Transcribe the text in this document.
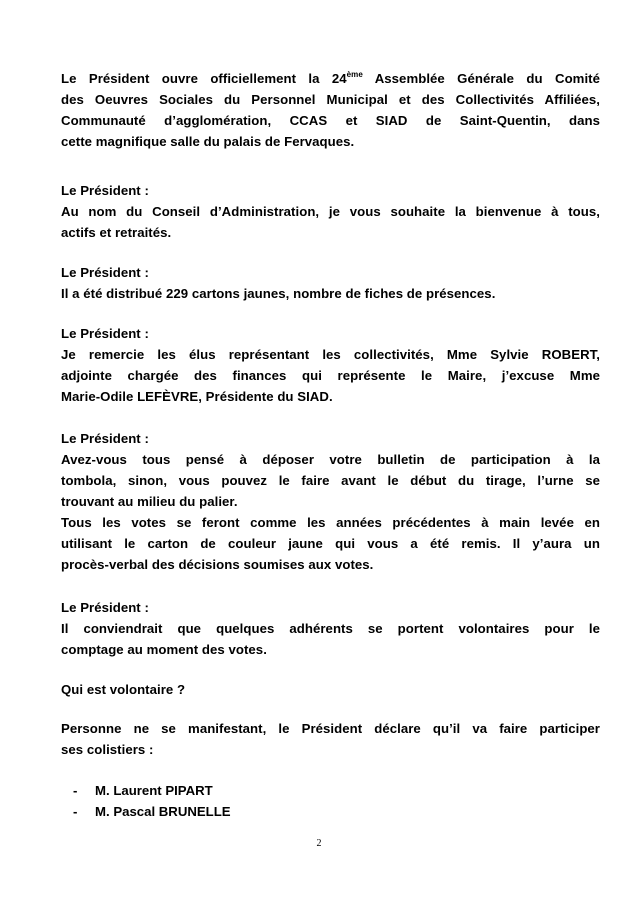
Le Président ouvre officiellement la 24ème Assemblée Générale du Comité
des Oeuvres Sociales du Personnel Municipal et des Collectivités Affiliées,
Communauté d’agglomération, CCAS et SIAD de Saint-Quentin, dans
cette magnifique salle du palais de Fervaques.

Le Président :
Au nom du Conseil d’Administration, je vous souhaite la bienvenue à tous,
actifs et retraités.

Le Président :
Il a été distribué 229 cartons jaunes, nombre de fiches de présences.

Le Président :
Je remercie les élus représentant les collectivités, Mme Sylvie ROBERT,
adjointe chargée des finances qui représente le Maire, j’excuse Mme
Marie-Odile LEFÈVRE, Présidente du SIAD.

Le Président :
Avez-vous tous pensé à déposer votre bulletin de participation à la
tombola, sinon, vous pouvez le faire avant le début du tirage, l’urne se
trouvant au milieu du palier.
Tous les votes se feront comme les années précédentes à main levée en
utilisant le carton de couleur jaune qui vous a été remis. Il y’aura un
procès-verbal des décisions soumises aux votes.

Le Président :
Il conviendrait que quelques adhérents se portent volontaires pour le
comptage au moment des votes.

Qui est volontaire ?

Personne ne se manifestant, le Président déclare qu’il va faire participer
ses colistiers :

- M. Laurent PIPART
- M. Pascal BRUNELLE
2
